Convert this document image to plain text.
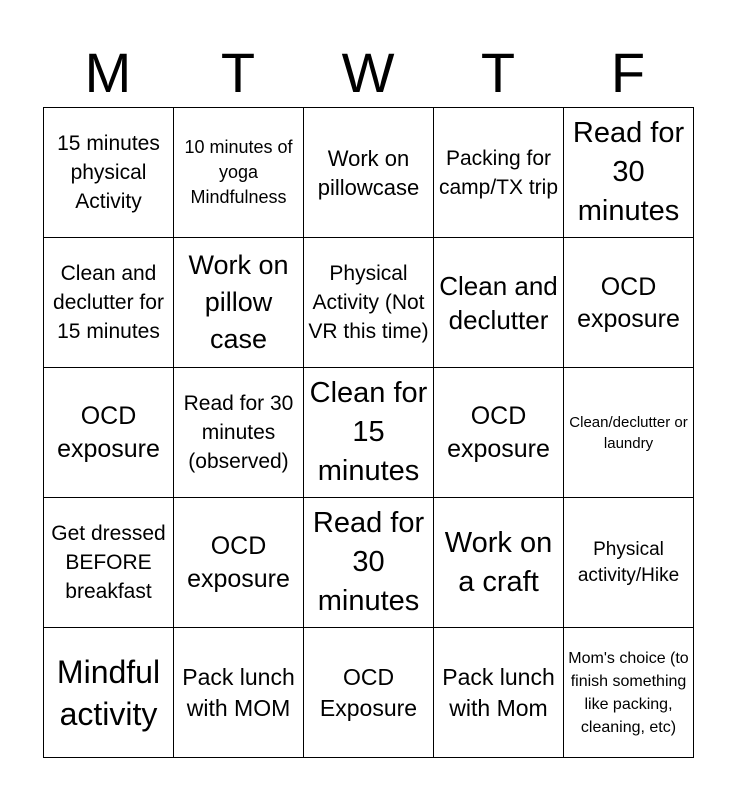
M	T	W	T	F
15 minutes physical Activity	10 minutes of yoga Mindfulness	Work on pillowcase	Packing for camp/TX trip	Read for 30 minutes

Clean and declutter for 15 minutes	Work on pillow case	Physical Activity (Not VR this time)	Clean and declutter	OCD exposure

OCD exposure	Read for 30 minutes (observed)	Clean for 15 minutes	OCD exposure	Clean/declutter or laundry

Get dressed BEFORE breakfast	OCD exposure	Read for 30 minutes	Work on a craft	Physical activity/Hike

Mindful activity	Pack lunch with MOM	OCD Exposure	Pack lunch with Mom	Mom's choice (to finish something like packing, cleaning, etc)
